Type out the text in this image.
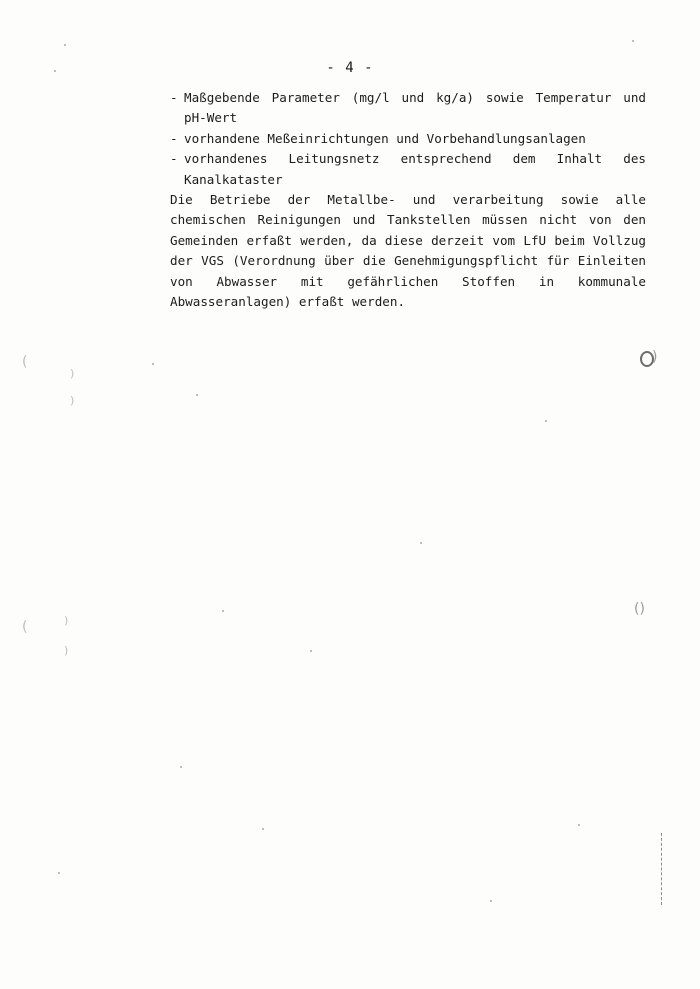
- 4 -
- Maßgebende Parameter (mg/l und kg/a) sowie Temperatur und pH-Wert
- vorhandene Meßeinrichtungen und Vorbehandlungsanlagen
- vorhandenes Leitungsnetz entsprechend dem Inhalt des Kanalkataster

Die Betriebe der Metallbe- und verarbeitung sowie alle chemischen Reinigungen und Tankstellen müssen nicht von den Gemeinden erfaßt werden, da diese derzeit vom LfU beim Vollzug der VGS (Verordnung über die Genehmigungspflicht für Einleiten von Abwasser mit gefährlichen Stoffen in kommunale Abwasseranlagen) erfaßt werden.

)
()
(
)
)
(	)
)
